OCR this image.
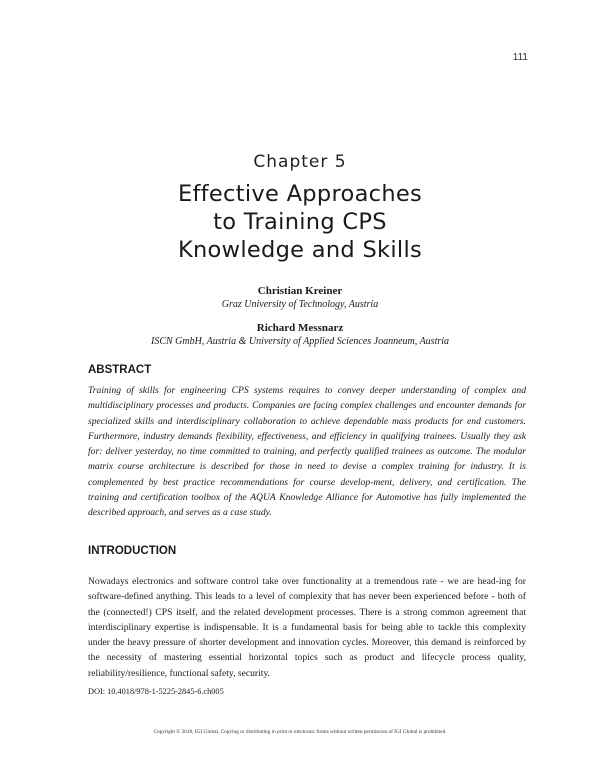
111
Chapter 5
Effective Approaches
to Training CPS
Knowledge and Skills
Christian Kreiner
Graz University of Technology, Austria
Richard Messnarz
ISCN GmbH, Austria & University of Applied Sciences Joanneum, Austria
ABSTRACT
Training of skills for engineering CPS systems requires to convey deeper understanding of complex and multidisciplinary processes and products. Companies are facing complex challenges and encounter demands for specialized skills and interdisciplinary collaboration to achieve dependable mass products for end customers. Furthermore, industry demands flexibility, effectiveness, and efficiency in qualifying trainees. Usually they ask for: deliver yesterday, no time committed to training, and perfectly qualified trainees as outcome. The modular matrix course architecture is described for those in need to devise a complex training for industry. It is complemented by best practice recommendations for course develop-ment, delivery, and certification. The training and certification toolbox of the AQUA Knowledge Alliance for Automotive has fully implemented the described approach, and serves as a case study.
INTRODUCTION
Nowadays electronics and software control take over functionality at a tremendous rate - we are head-ing for software-defined anything. This leads to a level of complexity that has never been experienced before - both of the (connected!) CPS itself, and the related development processes. There is a strong common agreement that interdisciplinary expertise is indispensable. It is a fundamental basis for being able to tackle this complexity under the heavy pressure of shorter development and innovation cycles. Moreover, this demand is reinforced by the necessity of mastering essential horizontal topics such as product and lifecycle process quality, reliability/resilience, functional safety, security.
DOI: 10.4018/978-1-5225-2845-6.ch005
Copyright © 2018, IGI Global. Copying or distributing in print or electronic forms without written permission of IGI Global is prohibited.
